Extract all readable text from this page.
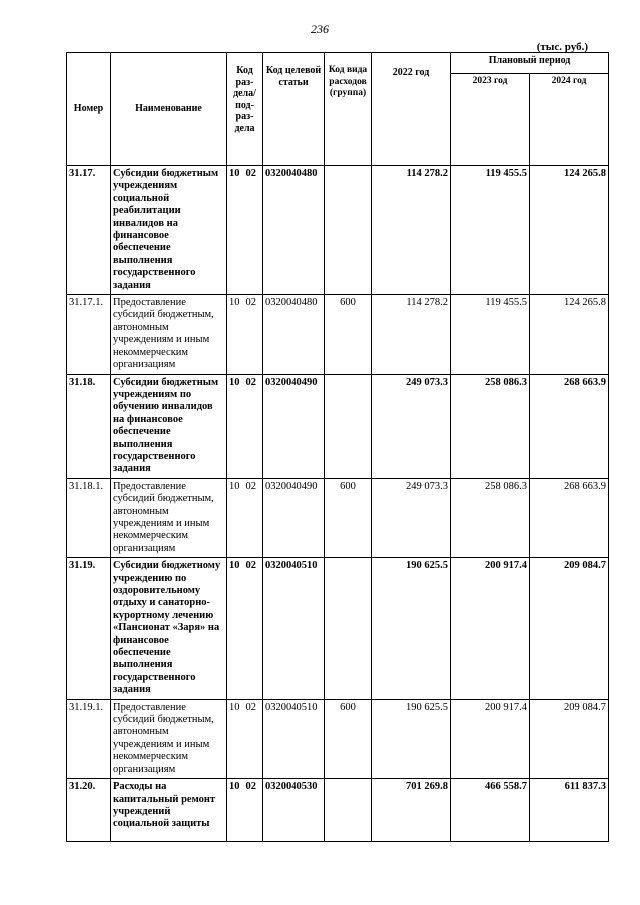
236
(тыс. руб.)
Номер	Наименование	Код раз-дела/ под-раз-дела		Код целевой статьи	Код вида расходов (группа)	2022 год	Плановый период	
							2023 год	2024 год
31.17.	Субсидии бюджетным учреждениям социальной реабилитации инвалидов на финансовое обеспечение выполнения государственного задания	10	02	0320040480		114 278.2	119 455.5	124 265.8
31.17.1.	Предоставление субсидий бюджетным, автономным учреждениям и иным некоммерческим организациям	10	02	0320040480	600	114 278.2	119 455.5	124 265.8
31.18.	Субсидии бюджетным учреждениям по обучению инвалидов на финансовое обеспечение выполнения государственного задания	10	02	0320040490		249 073.3	258 086.3	268 663.9
31.18.1.	Предоставление субсидий бюджетным, автономным учреждениям и иным некоммерческим организациям	10	02	0320040490	600	249 073.3	258 086.3	268 663.9
31.19.	Субсидии бюджетному учреждению по оздоровительному отдыху и санаторно-курортному лечению «Пансионат «Заря» на финансовое обеспечение выполнения государственного задания	10	02	0320040510		190 625.5	200 917.4	209 084.7
31.19.1.	Предоставление субсидий бюджетным, автономным учреждениям и иным некоммерческим организациям	10	02	0320040510	600	190 625.5	200 917.4	209 084.7
31.20.	Расходы на капитальный ремонт учреждений социальной защиты	10	02	0320040530		701 269.8	466 558.7	611 837.3
